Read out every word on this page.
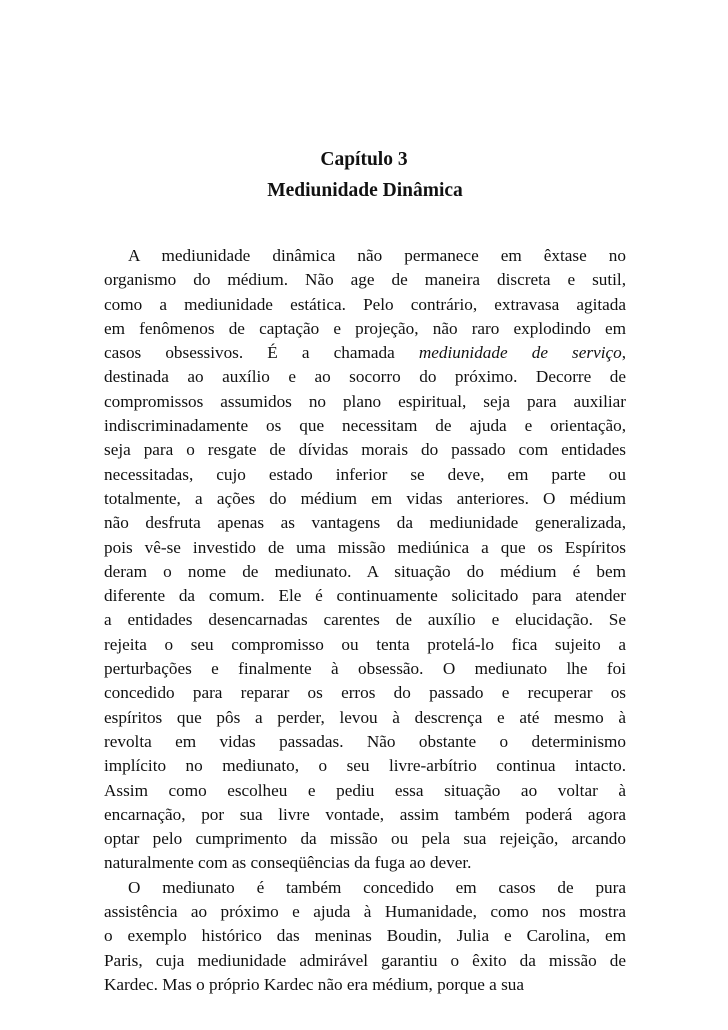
Capítulo 3
Mediunidade Dinâmica
A mediunidade dinâmica não permanece em êxtase no
organismo do médium. Não age de maneira discreta e sutil,
como a mediunidade estática. Pelo contrário, extravasa agitada
em fenômenos de captação e projeção, não raro explodindo em
casos obsessivos. É a chamada mediunidade de serviço,
destinada ao auxílio e ao socorro do próximo. Decorre de
compromissos assumidos no plano espiritual, seja para auxiliar
indiscriminadamente os que necessitam de ajuda e orientação,
seja para o resgate de dívidas morais do passado com entidades
necessitadas, cujo estado inferior se deve, em parte ou
totalmente, a ações do médium em vidas anteriores. O médium
não desfruta apenas as vantagens da mediunidade generalizada,
pois vê-se investido de uma missão mediúnica a que os Espíritos
deram o nome de mediunato. A situação do médium é bem
diferente da comum. Ele é continuamente solicitado para atender
a entidades desencarnadas carentes de auxílio e elucidação. Se
rejeita o seu compromisso ou tenta protelá-lo fica sujeito a
perturbações e finalmente à obsessão. O mediunato lhe foi
concedido para reparar os erros do passado e recuperar os
espíritos que pôs a perder, levou à descrença e até mesmo à
revolta em vidas passadas. Não obstante o determinismo
implícito no mediunato, o seu livre-arbítrio continua intacto.
Assim como escolheu e pediu essa situação ao voltar à
encarnação, por sua livre vontade, assim também poderá agora
optar pelo cumprimento da missão ou pela sua rejeição, arcando
naturalmente com as conseqüências da fuga ao dever.
O mediunato é também concedido em casos de pura
assistência ao próximo e ajuda à Humanidade, como nos mostra
o exemplo histórico das meninas Boudin, Julia e Carolina, em
Paris, cuja mediunidade admirável garantiu o êxito da missão de
Kardec. Mas o próprio Kardec não era médium, porque a sua
